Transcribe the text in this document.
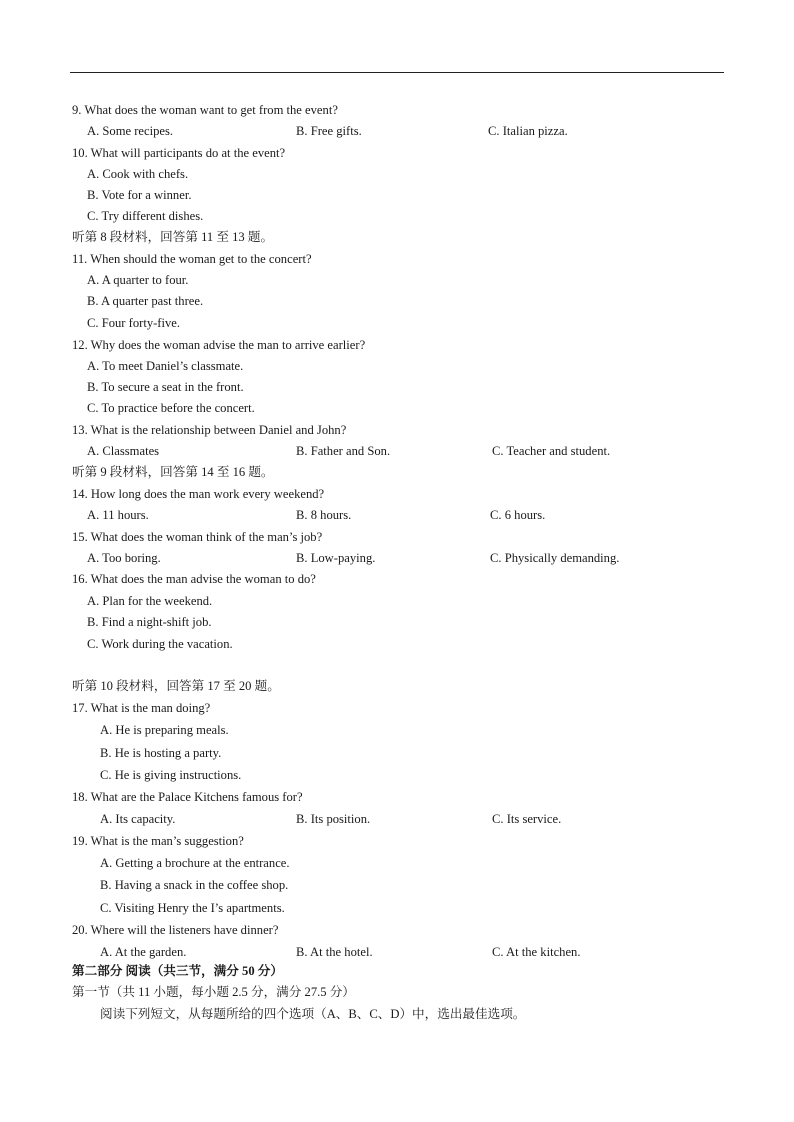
9. What does the woman want to get from the event?
A. Some recipes.	B. Free gifts.	C. Italian pizza.
10. What will participants do at the event?
A. Cook with chefs.
B. Vote for a winner.
C. Try different dishes.
听第 8 段材料，回答第 11 至 13 题。
11. When should the woman get to the concert?
A. A quarter to four.
B. A quarter past three.
C. Four forty-five.
12. Why does the woman advise the man to arrive earlier?
A. To meet Daniel’s classmate.
B. To secure a seat in the front.
C. To practice before the concert.
13. What is the relationship between Daniel and John?
A. Classmates	B. Father and Son.	C. Teacher and student.
听第 9 段材料，回答第 14 至 16 题。
14. How long does the man work every weekend?
A. 11 hours.	B. 8 hours.	C. 6 hours.
15. What does the woman think of the man’s job?
A. Too boring.	B. Low-paying.	C. Physically demanding.
16. What does the man advise the woman to do?
A. Plan for the weekend.
B. Find a night-shift job.
C. Work during the vacation.
听第 10 段材料，回答第 17 至 20 题。
17. What is the man doing?
A. He is preparing meals.
B. He is hosting a party.
C. He is giving instructions.
18. What are the Palace Kitchens famous for?
A. Its capacity.	B. Its position.	C. Its service.
19. What is the man’s suggestion?
A. Getting a brochure at the entrance.
B. Having a snack in the coffee shop.
C. Visiting Henry the I’s apartments.
20. Where will the listeners have dinner?
A. At the garden.	B. At the hotel.	C. At the kitchen.
第二部分 阅读（共三节，满分 50 分）
第一节（共 11 小题，每小题 2.5 分，满分 27.5 分）
阅读下列短文，从每题所给的四个选项（A、B、C、D）中，选出最佳选项。
